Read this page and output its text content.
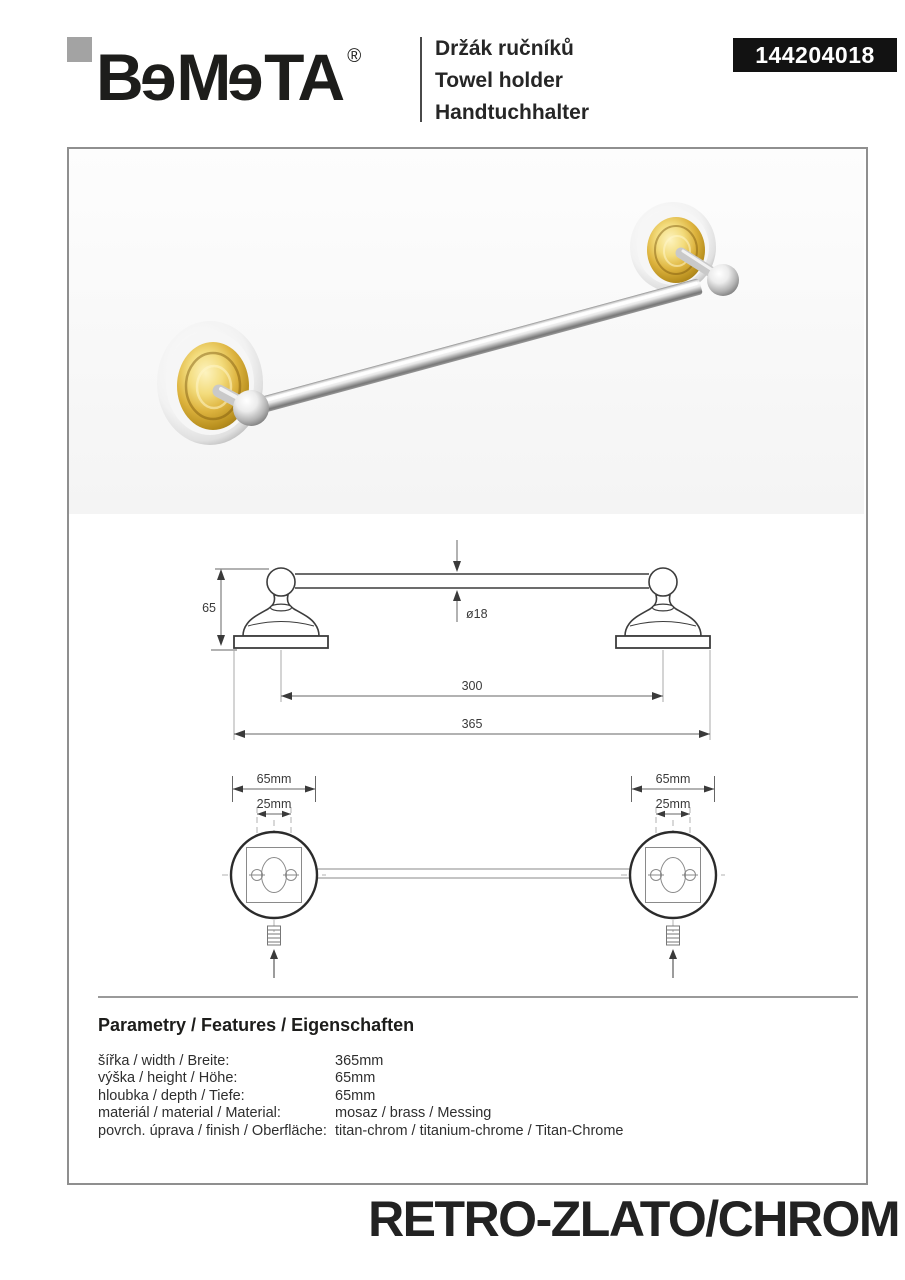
BeMeTA ®	Držák ručníků
Towel holder
Handtuchhalter
144204018
65	ø18
300
365
65mm
25mm
65mm
25mm
Parametry / Features / Eigenschaften
šířka / width / Breite:	365mm
výška / height / Höhe:	65mm
hloubka / depth / Tiefe:	65mm
materiál / material / Material:	mosaz / brass / Messing
povrch. úprava / finish / Oberfläche: titan-chrom / titanium-chrome / Titan-Chrome
RETRO-ZLATO/CHROM
